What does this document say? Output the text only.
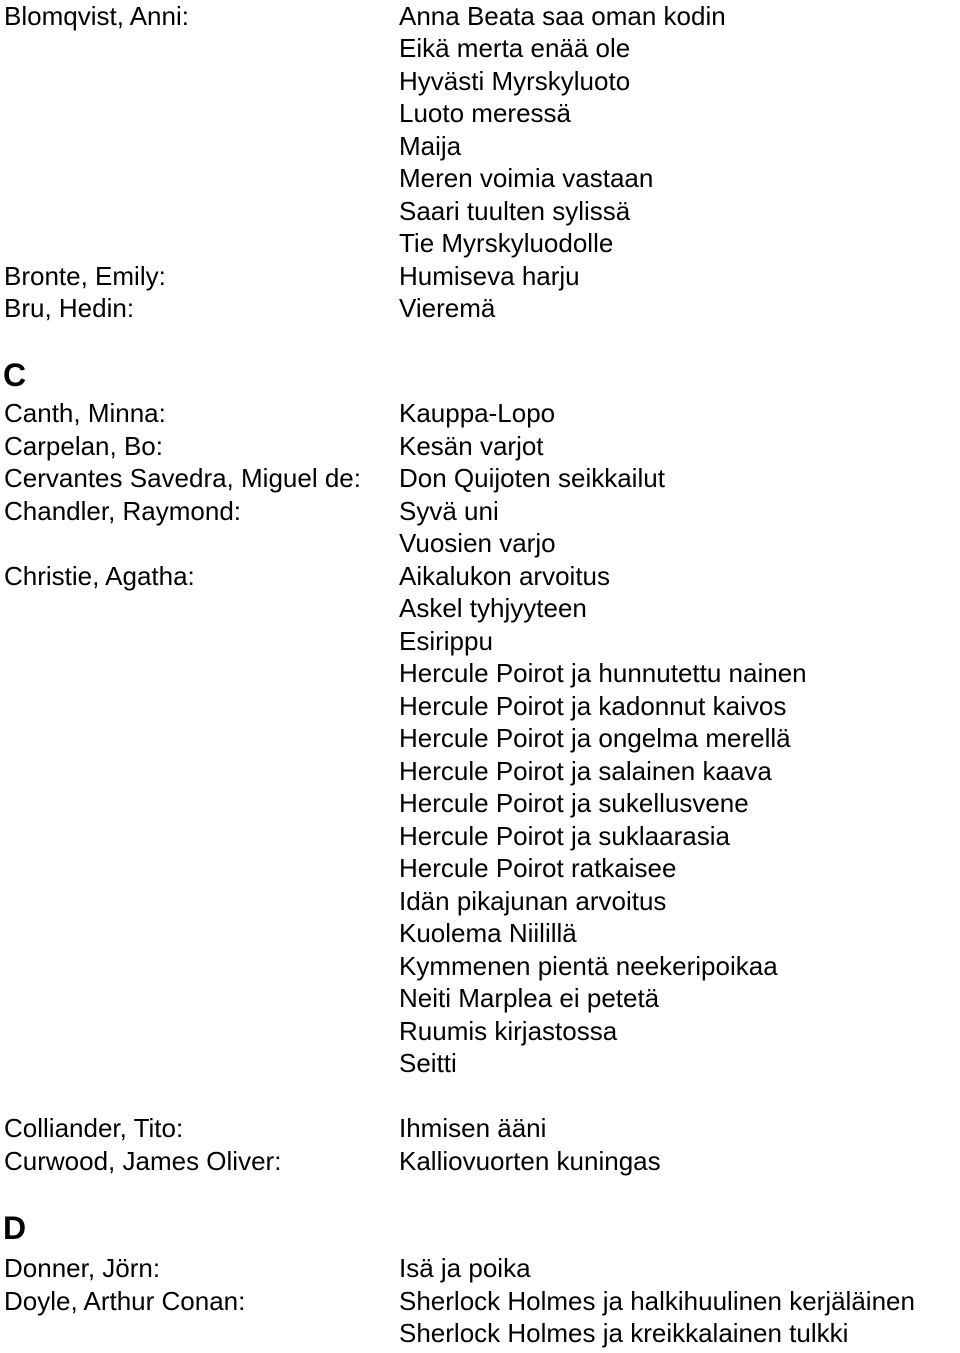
Blomqvist, Anni:	Anna Beata saa oman kodin
Eikä merta enää ole
Hyvästi Myrskyluoto
Luoto meressä
Maija
Meren voimia vastaan
Saari tuulten sylissä
Tie Myrskyluodolle
Bronte, Emily:	Humiseva harju
Bru, Hedin:	Vieremä
C
Canth, Minna:	Kauppa-Lopo
Carpelan, Bo:	Kesän varjot
Cervantes Savedra, Miguel de: Don Quijoten seikkailut
Chandler, Raymond:	Syvä uni
Vuosien varjo
Christie, Agatha:	Aikalukon arvoitus
Askel tyhjyyteen
Esirippu
Hercule Poirot ja hunnutettu nainen
Hercule Poirot ja kadonnut kaivos
Hercule Poirot ja ongelma merellä
Hercule Poirot ja salainen kaava
Hercule Poirot ja sukellusvene
Hercule Poirot ja suklaarasia
Hercule Poirot ratkaisee
Idän pikajunan arvoitus
Kuolema Niilillä
Kymmenen pientä neekeripoikaa
Neiti Marplea ei petetä
Ruumis kirjastossa
Seitti
Colliander, Tito:	Ihmisen ääni
Curwood, James Oliver:	Kalliovuorten kuningas
D
Donner, Jörn:	Isä ja poika
Doyle, Arthur Conan:	Sherlock Holmes ja halkihuulinen kerjäläinen
Sherlock Holmes ja kreikkalainen tulkki
